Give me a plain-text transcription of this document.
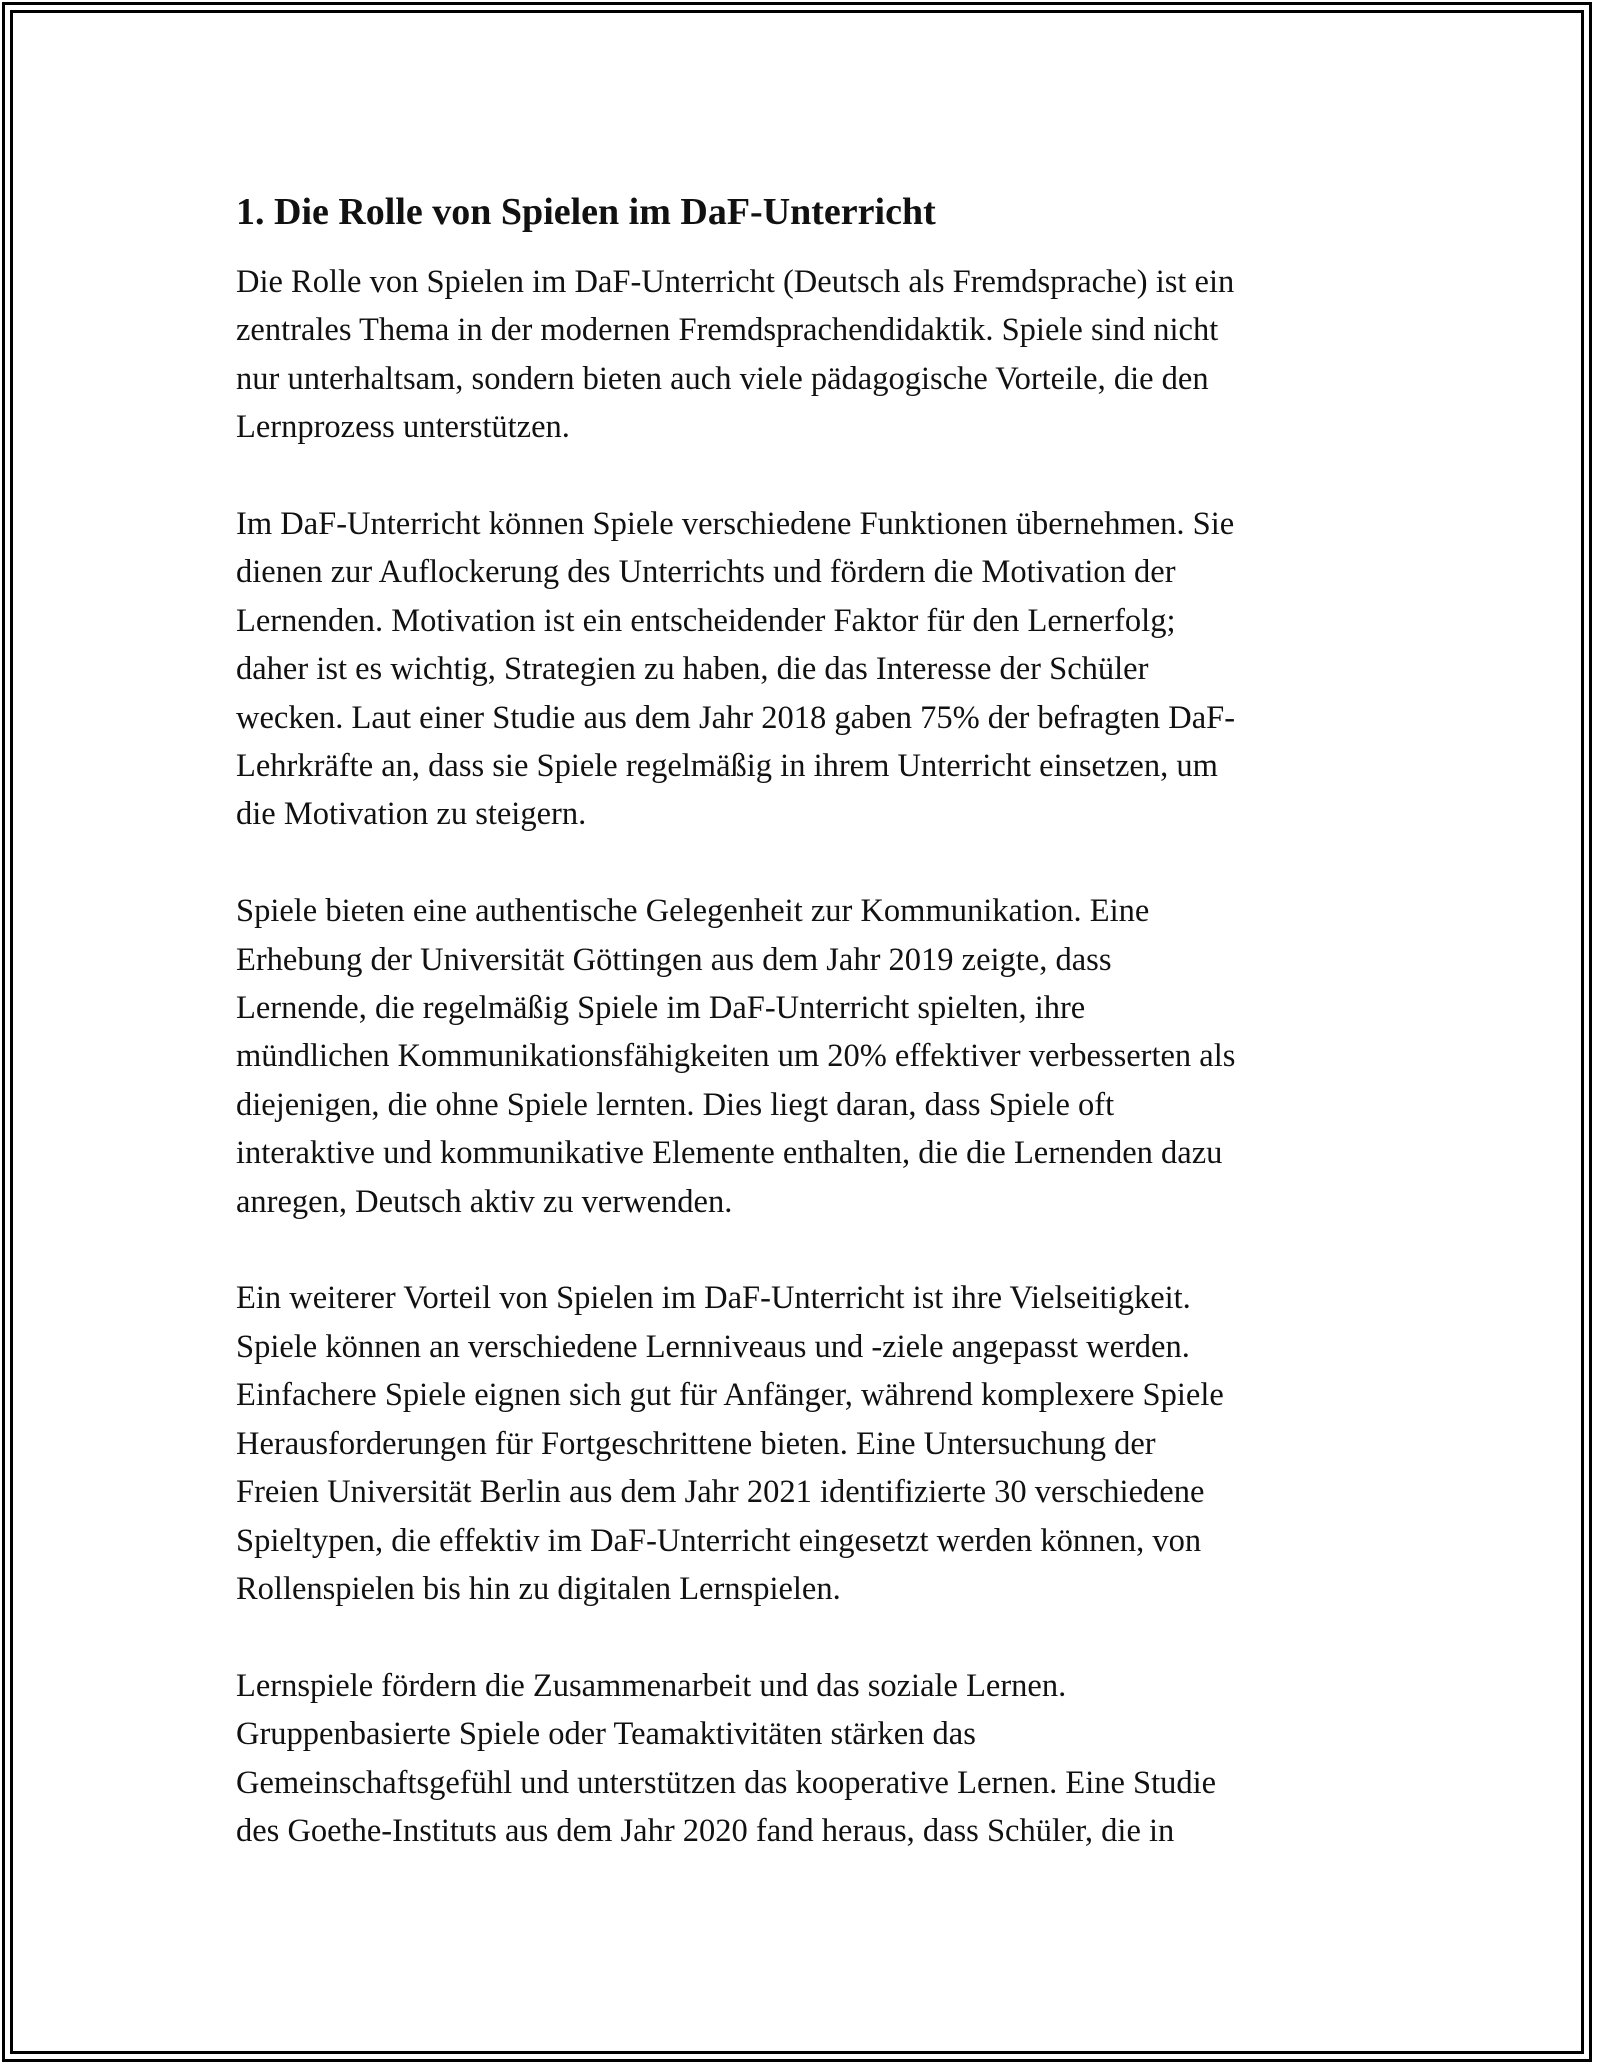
1. Die Rolle von Spielen im DaF-Unterricht
Die Rolle von Spielen im DaF-Unterricht (Deutsch als Fremdsprache) ist ein
zentrales Thema in der modernen Fremdsprachendidaktik. Spiele sind nicht
nur unterhaltsam, sondern bieten auch viele pädagogische Vorteile, die den
Lernprozess unterstützen.
Im DaF-Unterricht können Spiele verschiedene Funktionen übernehmen. Sie
dienen zur Auflockerung des Unterrichts und fördern die Motivation der
Lernenden. Motivation ist ein entscheidender Faktor für den Lernerfolg;
daher ist es wichtig, Strategien zu haben, die das Interesse der Schüler
wecken. Laut einer Studie aus dem Jahr 2018 gaben 75% der befragten DaF-
Lehrkräfte an, dass sie Spiele regelmäßig in ihrem Unterricht einsetzen, um
die Motivation zu steigern.
Spiele bieten eine authentische Gelegenheit zur Kommunikation. Eine
Erhebung der Universität Göttingen aus dem Jahr 2019 zeigte, dass
Lernende, die regelmäßig Spiele im DaF-Unterricht spielten, ihre
mündlichen Kommunikationsfähigkeiten um 20% effektiver verbesserten als
diejenigen, die ohne Spiele lernten. Dies liegt daran, dass Spiele oft
interaktive und kommunikative Elemente enthalten, die die Lernenden dazu
anregen, Deutsch aktiv zu verwenden.
Ein weiterer Vorteil von Spielen im DaF-Unterricht ist ihre Vielseitigkeit.
Spiele können an verschiedene Lernniveaus und -ziele angepasst werden.
Einfachere Spiele eignen sich gut für Anfänger, während komplexere Spiele
Herausforderungen für Fortgeschrittene bieten. Eine Untersuchung der
Freien Universität Berlin aus dem Jahr 2021 identifizierte 30 verschiedene
Spieltypen, die effektiv im DaF-Unterricht eingesetzt werden können, von
Rollenspielen bis hin zu digitalen Lernspielen.
Lernspiele fördern die Zusammenarbeit und das soziale Lernen.
Gruppenbasierte Spiele oder Teamaktivitäten stärken das
Gemeinschaftsgefühl und unterstützen das kooperative Lernen. Eine Studie
des Goethe-Instituts aus dem Jahr 2020 fand heraus, dass Schüler, die in
